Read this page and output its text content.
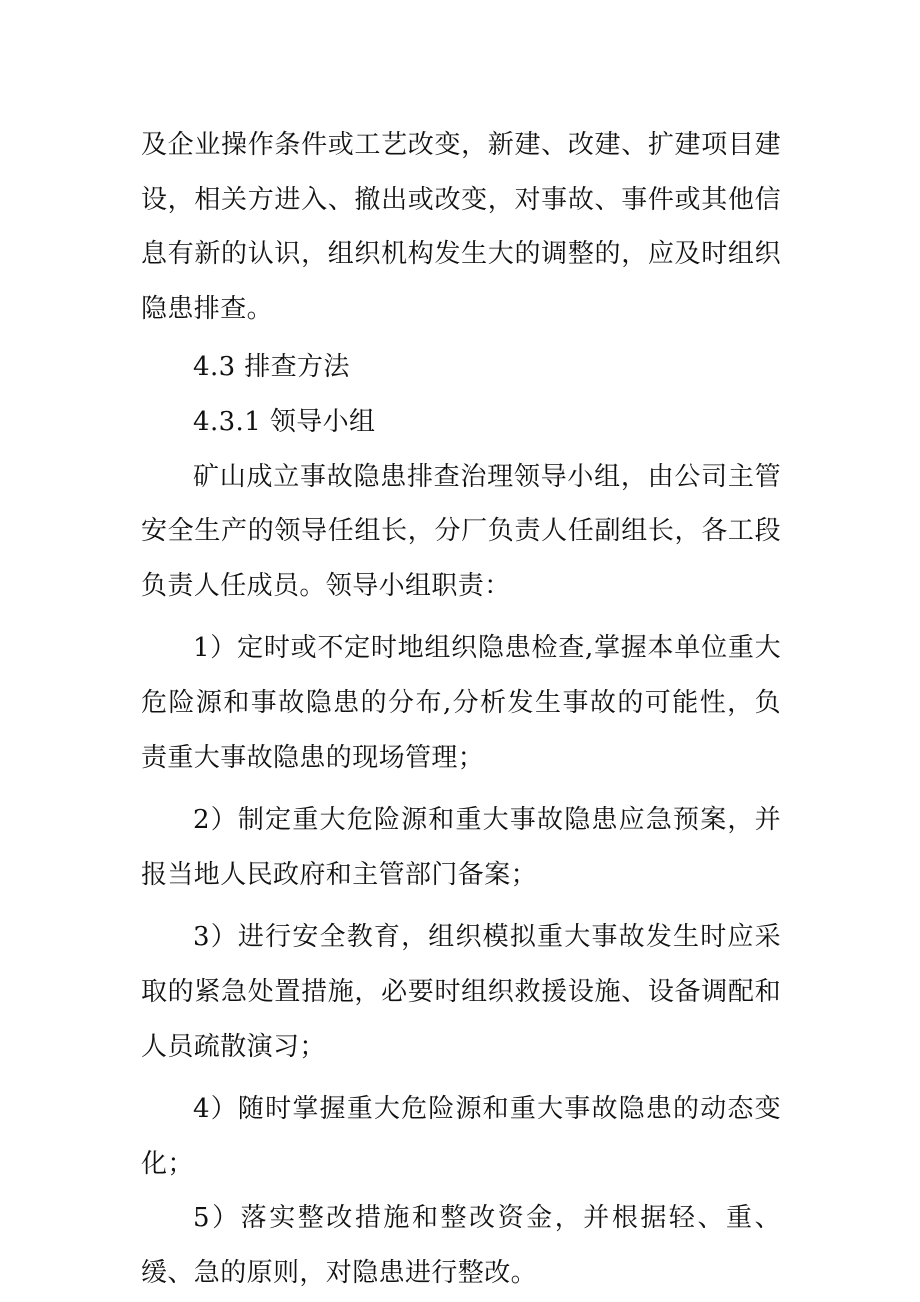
及企业操作条件或工艺改变，新建、改建、扩建项目建设，相关方进入、撤出或改变，对事故、事件或其他信息有新的认识，组织机构发生大的调整的，应及时组织隐患排查。

4.3 排查方法

4.3.1 领导小组

矿山成立事故隐患排查治理领导小组，由公司主管安全生产的领导任组长，分厂负责人任副组长，各工段负责人任成员。领导小组职责：

1）定时或不定时地组织隐患检查,掌握本单位重大危险源和事故隐患的分布,分析发生事故的可能性，负责重大事故隐患的现场管理；

2）制定重大危险源和重大事故隐患应急预案，并报当地人民政府和主管部门备案；

3）进行安全教育，组织模拟重大事故发生时应采取的紧急处置措施，必要时组织救援设施、设备调配和人员疏散演习；

4）随时掌握重大危险源和重大事故隐患的动态变化；

5）落实整改措施和整改资金，并根据轻、重、缓、急的原则，对隐患进行整改。
